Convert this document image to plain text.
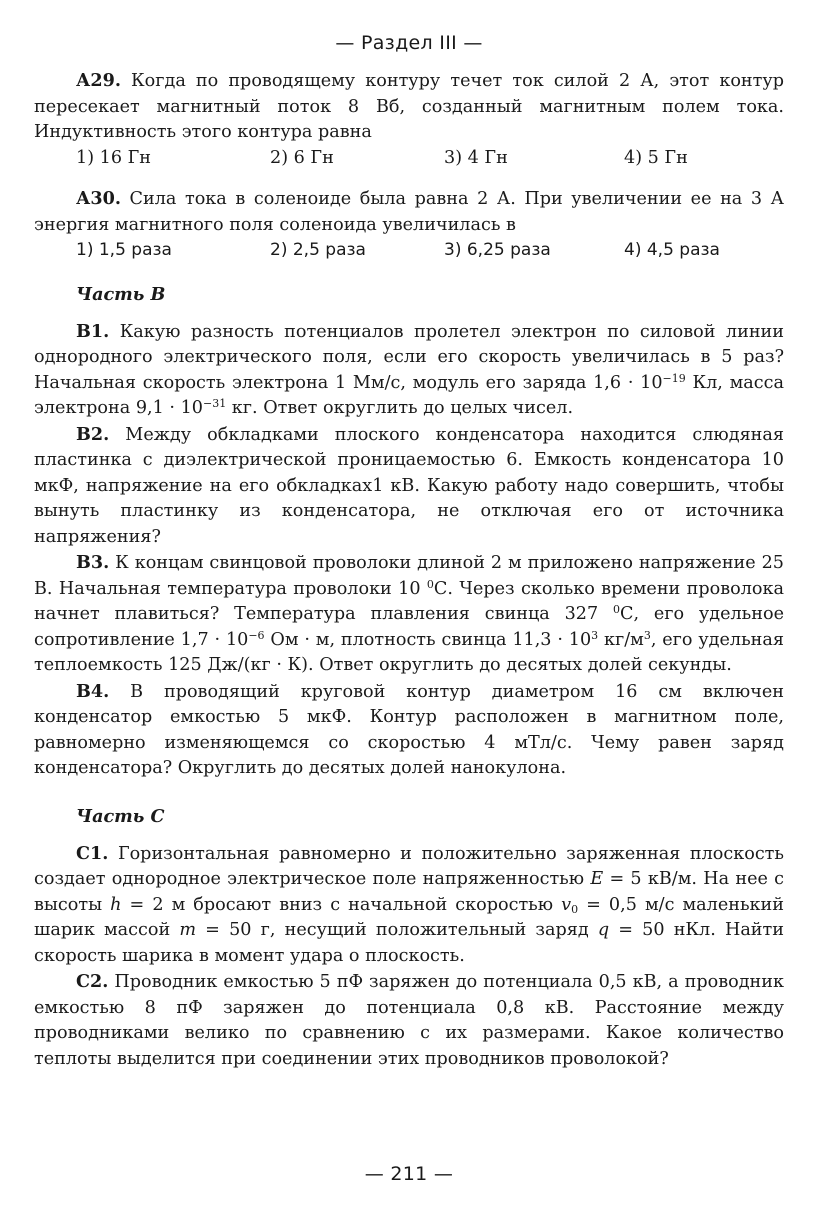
— Раздел III —

А29. Когда по проводящему контуру течет ток силой 2 А, этот контур пересекает магнитный поток 8 Вб, созданный магнитным полем тока. Индуктивность этого контура равна

1) 16 Гн	2) 6 Гн	3) 4 Гн	4) 5 Гн

А30. Сила тока в соленоиде была равна 2 А. При увеличении ее на 3 А энергия магнитного поля соленоида увеличилась в

1) 1,5 раза	2) 2,5 раза	3) 6,25 раза	4) 4,5 раза
Часть В

В1. Какую разность потенциалов пролетел электрон по силовой линии однородного электрического поля, если его скорость увеличилась в 5 раз? Начальная скорость электрона 1 Мм/с, модуль его заряда $1,6 \cdot 10^{-19}$ Кл, масса электрона $9,1 \cdot 10^{-31}$ кг. Ответ округлить до целых чисел.

В2. Между обкладками плоского конденсатора находится слюдяная пластинка с диэлектрической проницаемостью 6. Емкость конденсатора 10 мкФ, напряжение на его обкладках1 кВ. Какую работу надо совершить, чтобы вынуть пластинку из конденсатора, не отключая его от источника напряжения?

В3. К концам свинцовой проволоки длиной 2 м приложено напряжение 25 В. Начальная температура проволоки 10 $^0$С. Через сколько времени проволока начнет плавиться? Температура плавления свинца 327 $^0$С, его удельное сопротивление $1,7 \cdot 10^{-6}$ Ом · м, плотность свинца $11,3 \cdot 10^3$ $кг/м^3$, его удельная теплоемкость 125 Дж/(кг · К). Ответ округлить до десятых долей секунды.

В4. В проводящий круговой контур диаметром 16 см включен конденсатор емкостью 5 мкФ. Контур расположен в магнитном поле, равномерно изменяющемся со скоростью 4 мТл/с. Чему равен заряд конденсатора? Округлить до десятых долей нанокулона.

Часть С

С1. Горизонтальная равномерно и положительно заряженная плоскость создает однородное электрическое поле напряженностью E = 5 кВ/м. На нее с высоты h = 2 м бросают вниз с начальной скоростью $v_0 = 0,5$ м/с маленький шарик массой m = 50 г, несущий положительный заряд q = 50 нКл. Найти скорость шарика в момент удара о плоскость.

С2. Проводник емкостью 5 пФ заряжен до потенциала 0,5 кВ, а проводник емкостью 8 пФ заряжен до потенциала 0,8 кВ. Расстояние между проводниками велико по сравнению с их размерами. Какое количество теплоты выделится при соединении этих проводников проволокой?

— 211 —
